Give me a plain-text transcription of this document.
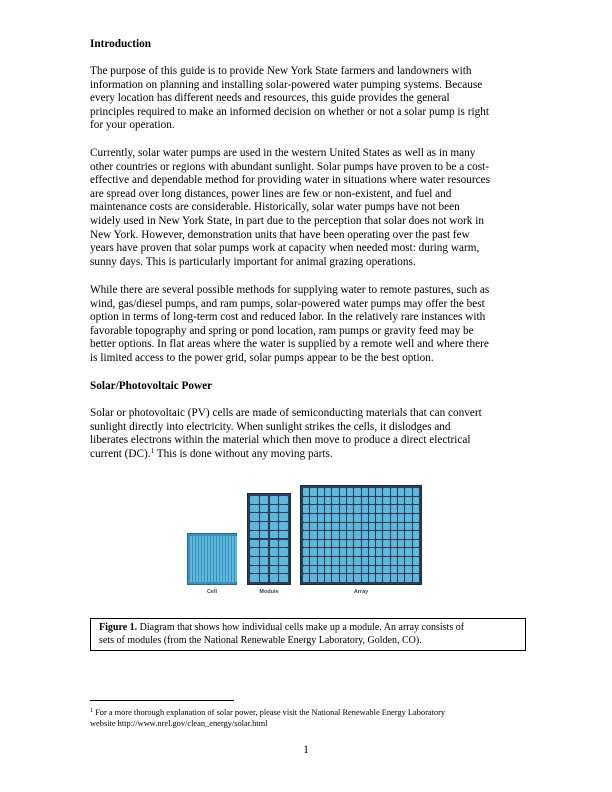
Introduction
The purpose of this guide is to provide New York State farmers and landowners with
information on planning and installing solar-powered water pumping systems. Because
every location has different needs and resources, this guide provides the general
principles required to make an informed decision on whether or not a solar pump is right
for your operation.
Currently, solar water pumps are used in the western United States as well as in many
other countries or regions with abundant sunlight. Solar pumps have proven to be a cost-
effective and dependable method for providing water in situations where water resources
are spread over long distances, power lines are few or non-existent, and fuel and
maintenance costs are considerable. Historically, solar water pumps have not been
widely used in New York State, in part due to the perception that solar does not work in
New York. However, demonstration units that have been operating over the past few
years have proven that solar pumps work at capacity when needed most: during warm,
sunny days. This is particularly important for animal grazing operations.
While there are several possible methods for supplying water to remote pastures, such as
wind, gas/diesel pumps, and ram pumps, solar-powered water pumps may offer the best
option in terms of long-term cost and reduced labor. In the relatively rare instances with
favorable topography and spring or pond location, ram pumps or gravity feed may be
better options. In flat areas where the water is supplied by a remote well and where there
is limited access to the power grid, solar pumps appear to be the best option.
Solar/Photovoltaic Power
Solar or photovoltaic (PV) cells are made of semiconducting materials that can convert
sunlight directly into electricity. When sunlight strikes the cells, it dislodges and
liberates electrons within the material which then move to produce a direct electrical
current (DC).$^1$ This is done without any moving parts.
Cell	Module	Array
Figure 1. Diagram that shows how individual cells make up a module. An array consists of
sets of modules (from the National Renewable Energy Laboratory, Golden, CO).
$^1$ For a more thorough explanation of solar power, please visit the National Renewable Energy Laboratory
website http://www.nrel.gov/clean_energy/solar.html
1
